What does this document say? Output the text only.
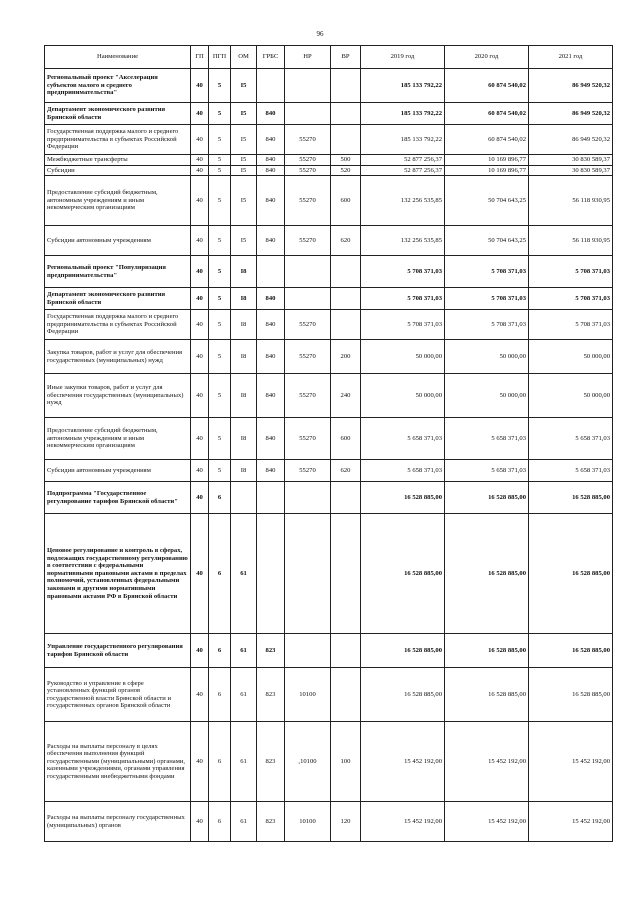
96
Наименование	ГП	ПГП	ОМ	ГРБС	НР	ВР	2019 год	2020 год	2021 год
Региональный проект "Акселерация субъектов малого и среднего предпринимательства"	40	5	I5				185 133 792,22	60 874 540,02	86 949 520,32
Департамент экономического развития Брянской области	40	5	I5	840			185 133 792,22	60 874 540,02	86 949 520,32
Государственная поддержка малого и среднего предпринимательства в субъектах Российской Федерации	40	5	I5	840	55270		185 133 792,22	60 874 540,02	86 949 520,32
Межбюджетные трансферты	40	5	I5	840	55270	500	52 877 256,37	10 169 896,77	30 830 589,37
Субсидии	40	5	I5	840	55270	520	52 877 256,37	10 169 896,77	30 830 589,37
Предоставление субсидий бюджетным, автономным учреждениям и иным некоммерческим организациям	40	5	I5	840	55270	600	132 256 535,85	50 704 643,25	56 118 930,95
Субсидии автономным учреждениям	40	5	I5	840	55270	620	132 256 535,85	50 704 643,25	56 118 930,95
Региональный проект "Популяризация предпринимательства"	40	5	I8				5 708 371,03	5 708 371,03	5 708 371,03
Департамент экономического развития Брянской области	40	5	I8	840			5 708 371,03	5 708 371,03	5 708 371,03
Государственная поддержка малого и среднего предпринимательства в субъектах Российской Федерации	40	5	I8	840	55270		5 708 371,03	5 708 371,03	5 708 371,03
Закупка товаров, работ и услуг для обеспечения государственных (муниципальных) нужд	40	5	I8	840	55270	200	50 000,00	50 000,00	50 000,00
Иные закупки товаров, работ и услуг для обеспечения государственных (муниципальных) нужд	40	5	I8	840	55270	240	50 000,00	50 000,00	50 000,00
Предоставление субсидий бюджетным, автономным учреждениям и иным некоммерческим организациям	40	5	I8	840	55270	600	5 658 371,03	5 658 371,03	5 658 371,03
Субсидии автономным учреждениям	40	5	I8	840	55270	620	5 658 371,03	5 658 371,03	5 658 371,03
Подпрограмма "Государственное регулирование тарифов Брянской области"	40	6					16 528 885,00	16 528 885,00	16 528 885,00
Ценовое регулирование и контроль в сферах, подлежащих государственному регулированию в соответствии с федеральными нормативными правовыми актами в пределах полномочий, установленных федеральными законами и другими нормативными правовыми актами РФ в Брянской области	40	6	61				16 528 885,00	16 528 885,00	16 528 885,00
Управление государственного регулирования тарифов Брянской области	40	6	61	823			16 528 885,00	16 528 885,00	16 528 885,00
Руководство и управление в сфере установленных функций органов государственной власти Брянской области и государственных органов Брянской области	40	6	61	823	10100		16 528 885,00	16 528 885,00	16 528 885,00
Расходы на выплаты персоналу в целях обеспечения выполнения функций государственными (муниципальными) органами, казенными учреждениями, органами управления государственными внебюджетными фондами	40	6	61	823	,10100	100	15 452 192,00	15 452 192,00	15 452 192,00
Расходы на выплаты персоналу государственных (муниципальных) органов	40	6	61	823	10100	120	15 452 192,00	15 452 192,00	15 452 192,00
